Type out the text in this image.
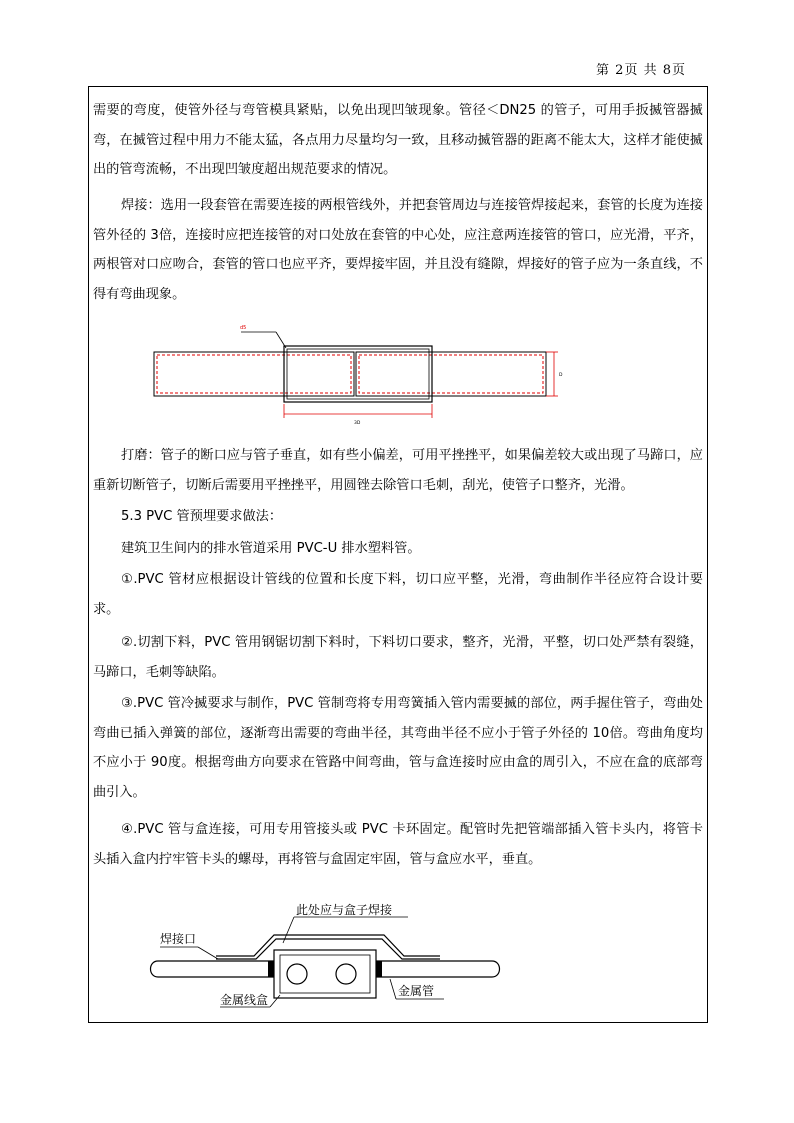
第 2页 共 8页

需要的弯度，使管外径与弯管模具紧贴，以免出现凹皱现象。管径＜DN25 的管子，可用手扳揻管器揻弯，在揻管过程中用力不能太猛，各点用力尽量均匀一致，且移动揻管器的距离不能太大，这样才能使揻出的管弯流畅，不出现凹皱度超出规范要求的情况。

焊接：选用一段套管在需要连接的两根管线外，并把套管周边与连接管焊接起来，套管的长度为连接管外径的 3倍，连接时应把连接管的对口处放在套管的中心处，应注意两连接管的管口，应光滑，平齐，两根管对口应吻合，套管的管口也应平齐，要焊接牢固，并且没有缝隙，焊接好的管子应为一条直线，不得有弯曲现象。

d5
3D
D

打磨：管子的断口应与管子垂直，如有些小偏差，可用平挫挫平，如果偏差较大或出现了马蹄口，应重新切断管子，切断后需要用平挫挫平，用圆锉去除管口毛刺，刮光，使管子口整齐，光滑。

5.3 PVC 管预埋要求做法：

建筑卫生间内的排水管道采用 PVC-U 排水塑料管。

①.PVC 管材应根据设计管线的位置和长度下料，切口应平整，光滑，弯曲制作半径应符合设计要求。

②.切割下料，PVC 管用钢锯切割下料时，下料切口要求，整齐，光滑，平整，切口处严禁有裂缝，马蹄口，毛刺等缺陷。

③.PVC 管冷揻要求与制作，PVC 管制弯将专用弯簧插入管内需要揻的部位，两手握住管子，弯曲处弯曲已插入弹簧的部位，逐渐弯出需要的弯曲半径，其弯曲半径不应小于管子外径的 10倍。弯曲角度均不应小于 90度。根据弯曲方向要求在管路中间弯曲，管与盒连接时应由盒的周引入，不应在盒的底部弯曲引入。

④.PVC 管与盒连接，可用专用管接头或 PVC 卡环固定。配管时先把管端部插入管卡头内，将管卡头插入盒内拧牢管卡头的螺母，再将管与盒固定牢固，管与盒应水平，垂直。

此处应与盒子焊接
焊接口
金属线盒
金属管
